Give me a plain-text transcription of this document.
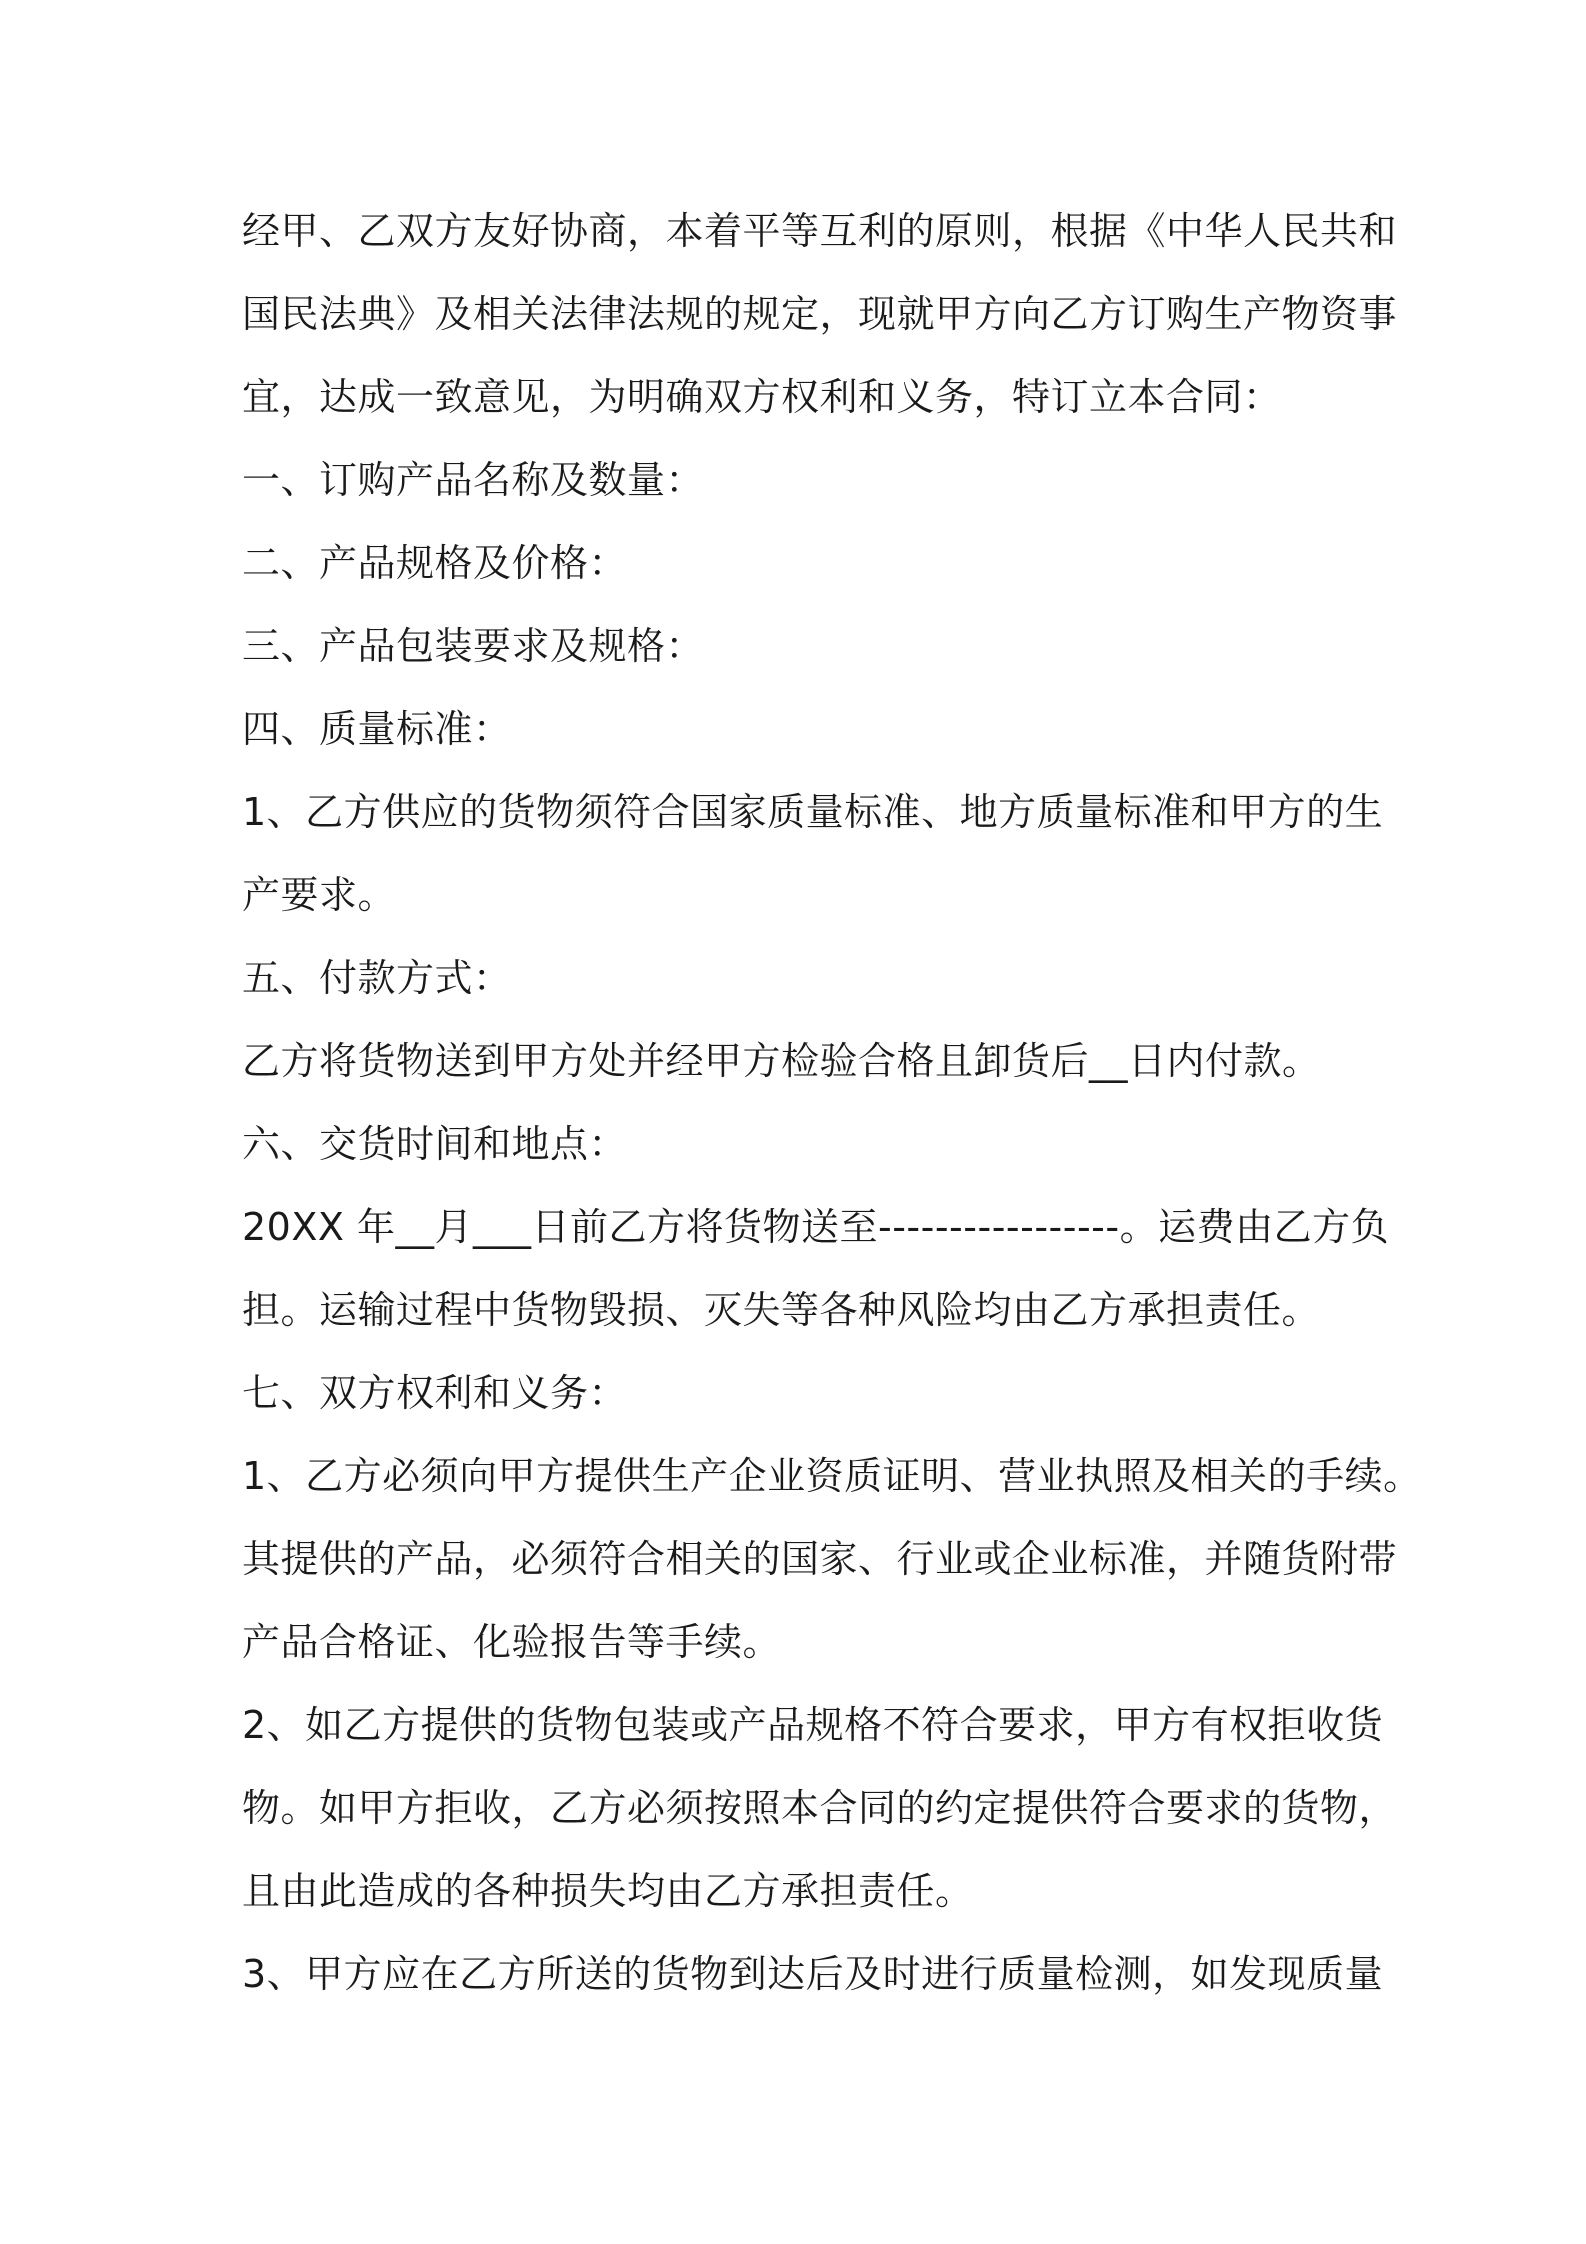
经甲、乙双方友好协商，本着平等互利的原则，根据《中华人民共和
国民法典》及相关法律法规的规定，现就甲方向乙方订购生产物资事
宜，达成一致意见，为明确双方权利和义务，特订立本合同：
一、订购产品名称及数量：
二、产品规格及价格：
三、产品包装要求及规格：
四、质量标准：
1、乙方供应的货物须符合国家质量标准、地方质量标准和甲方的生
产要求。
五、付款方式：
乙方将货物送到甲方处并经甲方检验合格且卸货后__日内付款。
六、交货时间和地点：
20XX 年__月___日前乙方将货物送至-----------------。运费由乙方负
担。运输过程中货物毁损、灭失等各种风险均由乙方承担责任。
七、双方权利和义务：
1、乙方必须向甲方提供生产企业资质证明、营业执照及相关的手续。
其提供的产品，必须符合相关的国家、行业或企业标准，并随货附带
产品合格证、化验报告等手续。
2、如乙方提供的货物包装或产品规格不符合要求，甲方有权拒收货
物。如甲方拒收，乙方必须按照本合同的约定提供符合要求的货物，
且由此造成的各种损失均由乙方承担责任。
3、甲方应在乙方所送的货物到达后及时进行质量检测，如发现质量
